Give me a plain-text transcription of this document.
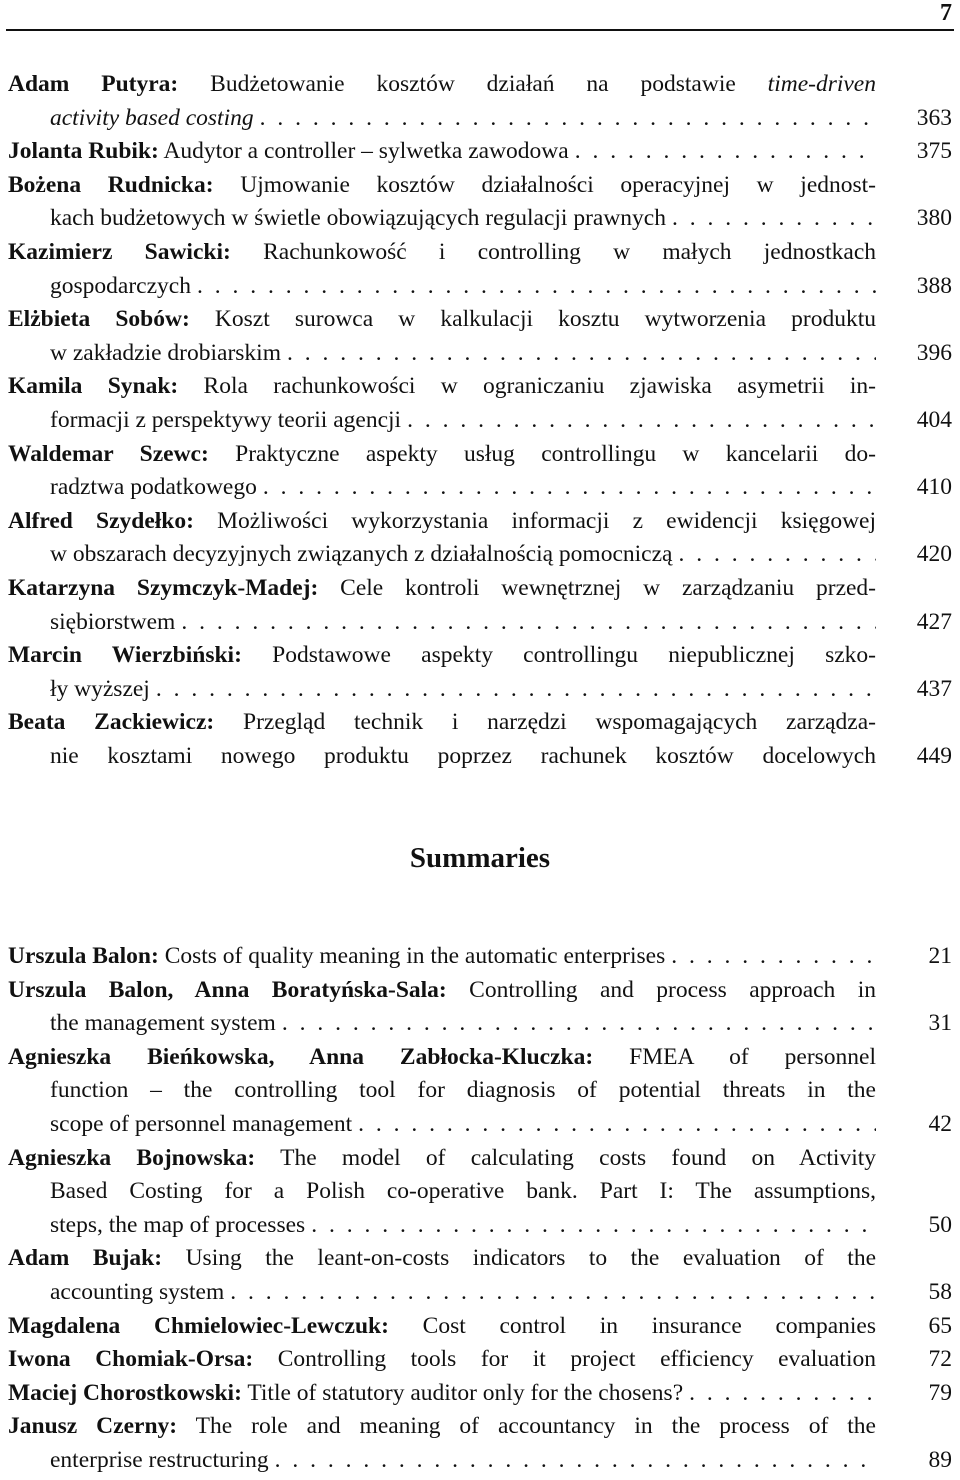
7
Adam Putyra: Budżetowanie kosztów działań na podstawie time-driven
activity based costing . . .	363
Jolanta Rubik: Audytor a controller – sylwetka zawodowa . . .	375
Bożena Rudnicka: Ujmowanie kosztów działalności operacyjnej w jednost-
kach budżetowych w świetle obowiązujących regulacji prawnych . . .	380
Kazimierz Sawicki: Rachunkowość i controlling w małych jednostkach
gospodarczych . . .	388
Elżbieta Sobów: Koszt surowca w kalkulacji kosztu wytworzenia produktu
w zakładzie drobiarskim . . .	396
Kamila Synak: Rola rachunkowości w ograniczaniu zjawiska asymetrii in-
formacji z perspektywy teorii agencji . . .	404
Waldemar Szewc: Praktyczne aspekty usług controllingu w kancelarii do-
radztwa podatkowego . . .	410
Alfred Szydełko: Możliwości wykorzystania informacji z ewidencji księgowej
w obszarach decyzyjnych związanych z działalnością pomocniczą . . .	420
Katarzyna Szymczyk-Madej: Cele kontroli wewnętrznej w zarządzaniu przed-
siębiorstwem . . .	427
Marcin Wierzbiński: Podstawowe aspekty controllingu niepublicznej szko-
ły wyższej . . .	437
Beata Zackiewicz: Przegląd technik i narzędzi wspomagających zarządza-
nie kosztami nowego produktu poprzez rachunek kosztów docelowych	449
Summaries
Urszula Balon: Costs of quality meaning in the automatic enterprises . . .	21
Urszula Balon, Anna Boratyńska-Sala: Controlling and process approach in
the management system . . .	31
Agnieszka Bieńkowska, Anna Zabłocka-Kluczka: FMEA of personnel
function – the controlling tool for diagnosis of potential threats in the
scope of personnel management . . .	42
Agnieszka Bojnowska: The model of calculating costs found on Activity
Based Costing for a Polish co-operative bank. Part I: The assumptions,
steps, the map of processes . . .	50
Adam Bujak: Using the leant-on-costs indicators to the evaluation of the
accounting system . . .	58
Magdalena Chmielowiec-Lewczuk: Cost control in insurance companies	65
Iwona Chomiak-Orsa: Controlling tools for it project efficiency evaluation	72
Maciej Chorostkowski: Title of statutory auditor only for the chosens? . . .	79
Janusz Czerny: The role and meaning of accountancy in the process of the
enterprise restructuring . . .	89
